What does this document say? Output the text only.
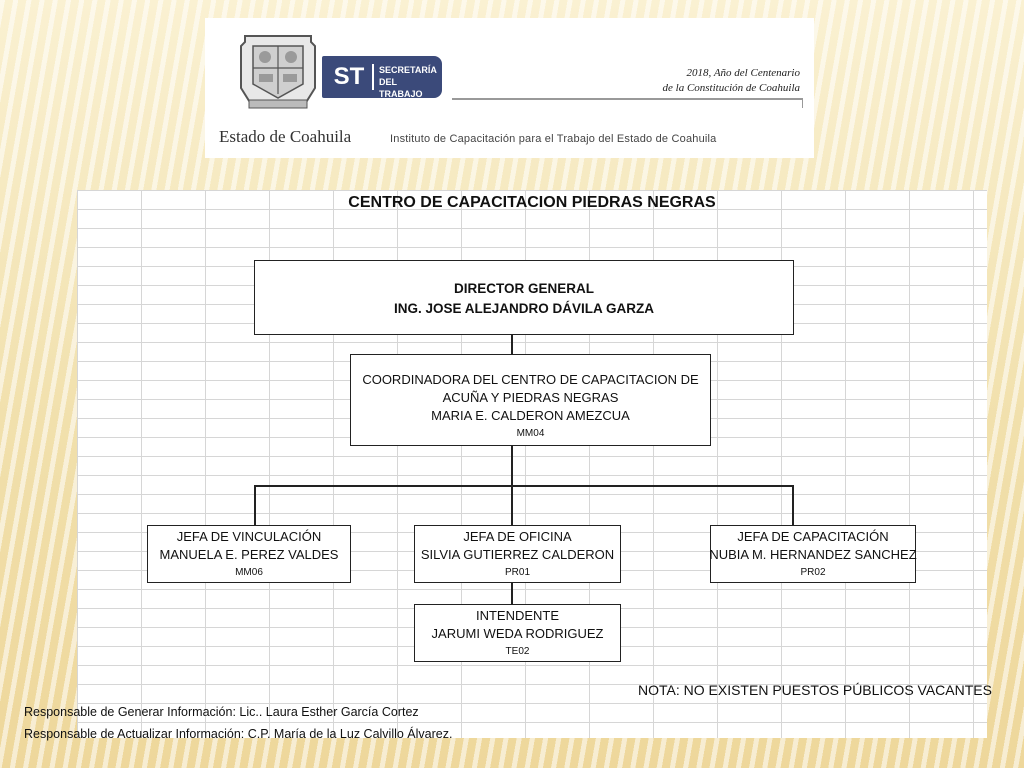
ST	SECRETARÍA
DEL TRABAJO
2018, Año del Centenario
de la Constitución de Coahuila
Estado de Coahuila	Instituto de Capacitación para el Trabajo del Estado de Coahuila
CENTRO DE CAPACITACION PIEDRAS NEGRAS
DIRECTOR GENERAL
ING. JOSE ALEJANDRO DÁVILA GARZA
COORDINADORA DEL CENTRO DE CAPACITACION DE
ACUÑA Y PIEDRAS NEGRAS
MARIA E. CALDERON AMEZCUA
MM04
JEFA DE VINCULACIÓN
MANUELA E. PEREZ VALDES
MM06
JEFA DE OFICINA
SILVIA GUTIERREZ CALDERON
PR01
JEFA DE CAPACITACIÓN
NUBIA M. HERNANDEZ SANCHEZ
PR02
INTENDENTE
JARUMI WEDA RODRIGUEZ
TE02
NOTA: NO EXISTEN PUESTOS PÚBLICOS VACANTES
Responsable de Generar Información: Lic.. Laura Esther García Cortez
Responsable de Actualizar Información: C.P. María de la Luz Calvillo Álvarez.
